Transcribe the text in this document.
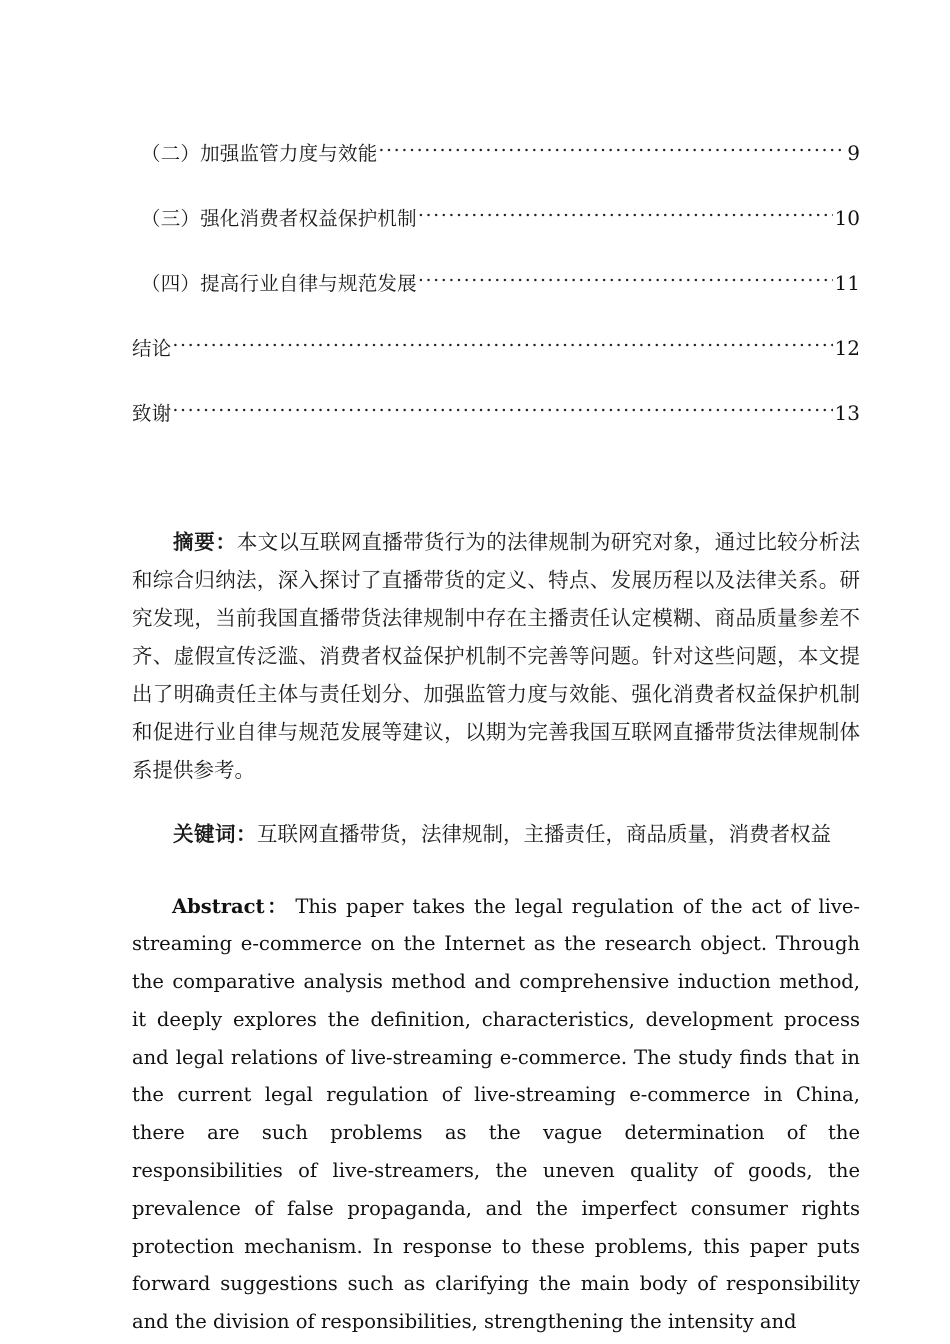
（二）加强监管力度与效能 .....	9
（三）强化消费者权益保护机制 .....	10
（四）提高行业自律与规范发展 .....	11
结论 .....	12
致谢 .....	13

摘要：本文以互联网直播带货行为的法律规制为研究对象，通过比较分析法和综合归纳法，深入探讨了直播带货的定义、特点、发展历程以及法律关系。研究发现，当前我国直播带货法律规制中存在主播责任认定模糊、商品质量参差不齐、虚假宣传泛滥、消费者权益保护机制不完善等问题。针对这些问题，本文提出了明确责任主体与责任划分、加强监管力度与效能、强化消费者权益保护机制和促进行业自律与规范发展等建议，以期为完善我国互联网直播带货法律规制体系提供参考。

关键词：互联网直播带货，法律规制，主播责任，商品质量，消费者权益

Abstract： This paper takes the legal regulation of the act of live-streaming e-commerce on the Internet as the research object. Through the comparative analysis method and comprehensive induction method, it deeply explores the definition, characteristics, development process and legal relations of live-streaming e-commerce. The study finds that in the current legal regulation of live-streaming e-commerce in China, there are such problems as the vague determination of the responsibilities of live-streamers, the uneven quality of goods, the prevalence of false propaganda, and the imperfect consumer rights protection mechanism. In response to these problems, this paper puts forward suggestions such as clarifying the main body of responsibility and the division of responsibilities, strengthening the intensity and
